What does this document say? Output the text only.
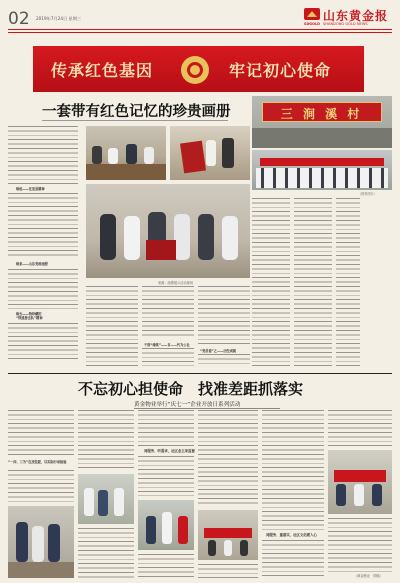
02 2019年7月24日 星期三
SDGOLD
山东黄金报
SHANDONG GOLD NEWS
传承红色基因	牢记初心使命
一套带有红色记忆的珍贵画册
缘起——往里虽精神
缘来——山东党政画册
缘去——特珍藏的
“铁道游击队”精神
来源：画册展示活动现场
干部“缘续”——自——代为公社
“党员看”之——历经成就
三 涧 溪 村
（资料图片）
不忘初心担使命　找准差距抓落实
黄金物业举行“庆七一”企业开放日系列活动
“一问、三为”在找差距，以实际行动检验
同服务、听需求，社区业主来监督
同服务、重落实，社区文化暖人心
（黄金物业　供稿）
